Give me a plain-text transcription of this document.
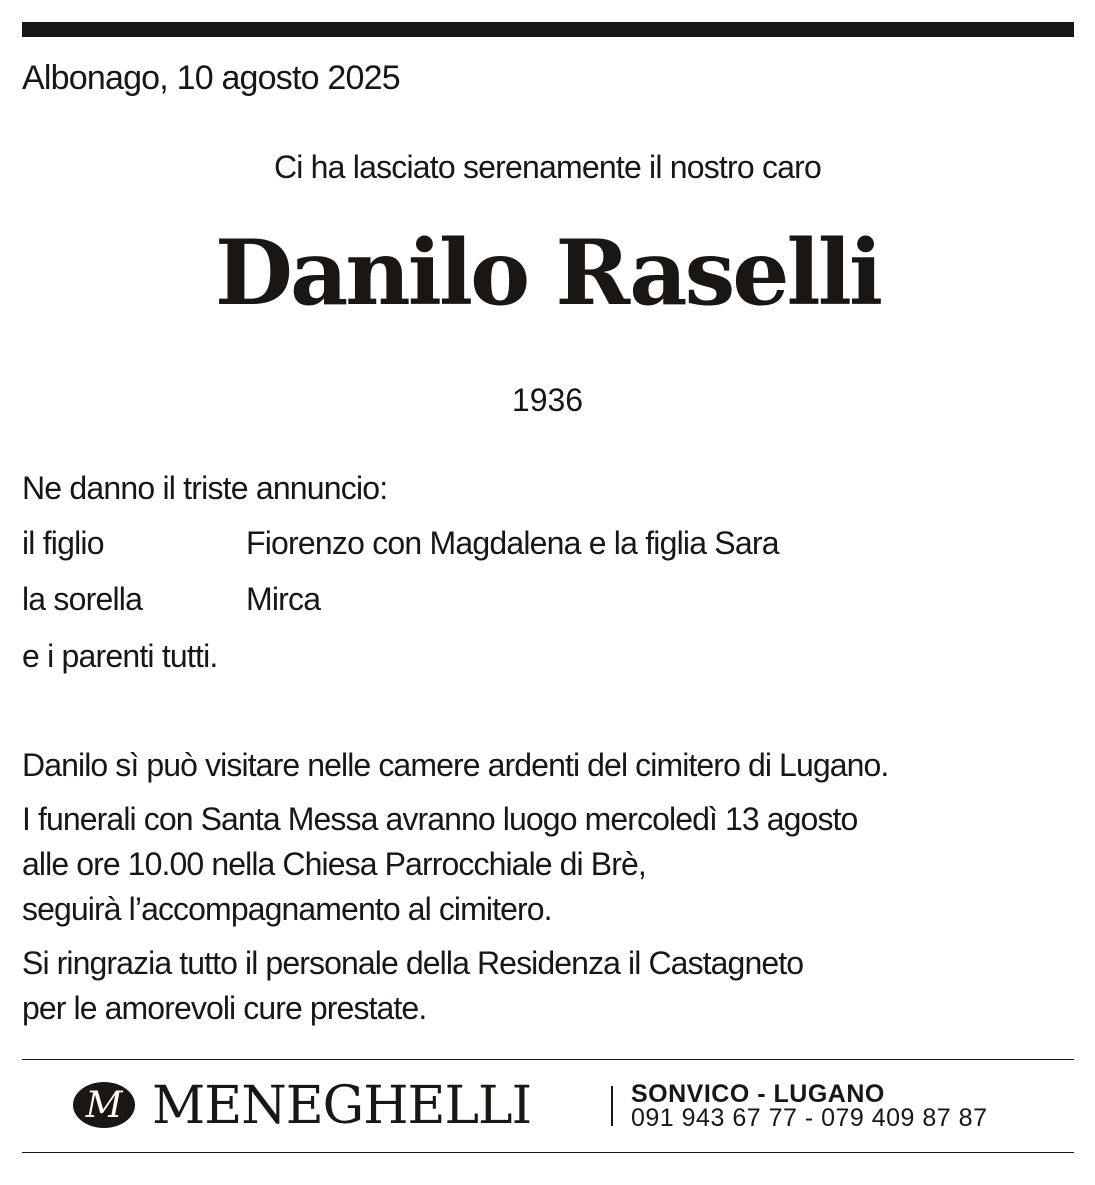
Albonago, 10 agosto 2025
Ci ha lasciato serenamente il nostro caro
Danilo Raselli
1936
Ne danno il triste annuncio:
il figlio	Fiorenzo con Magdalena e la figlia Sara
la sorella	Mirca
e i parenti tutti.
Danilo sì può visitare nelle camere ardenti del cimitero di Lugano.
I funerali con Santa Messa avranno luogo mercoledì 13 agosto
alle ore 10.00 nella Chiesa Parrocchiale di Brè,
seguirà l’accompagnamento al cimitero.
Si ringrazia tutto il personale della Residenza il Castagneto
per le amorevoli cure prestate.
M MENEGHELLI	SONVICO - LUGANO
091 943 67 77 - 079 409 87 87
